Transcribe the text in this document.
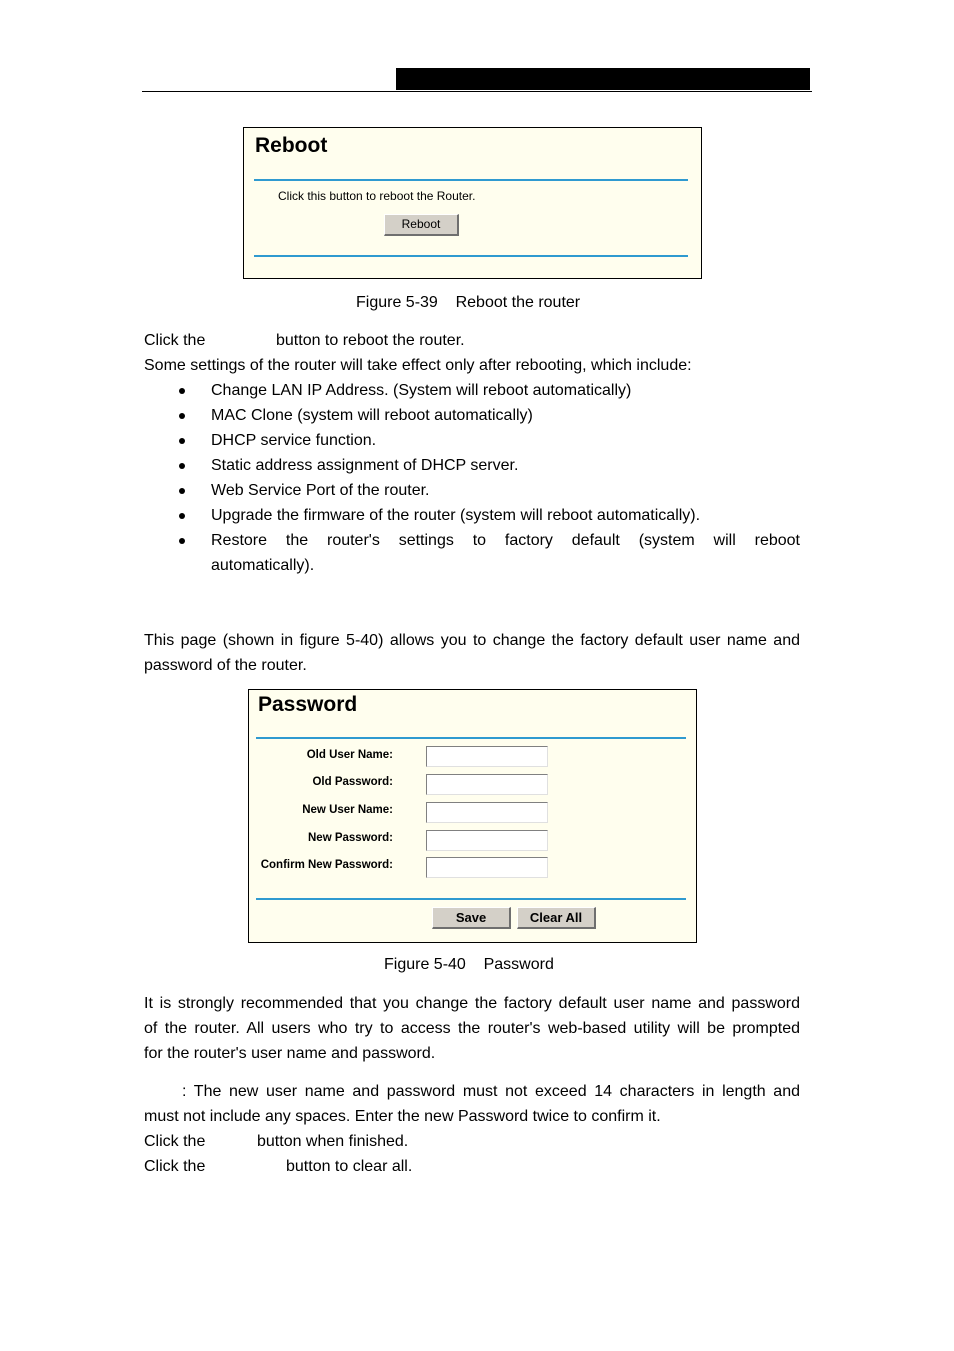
Reboot
Click this button to reboot the Router.
Reboot
Figure 5-39    Reboot the router
Click the	button to reboot the router.
Some settings of the router will take effect only after rebooting, which include:
Change LAN IP Address. (System will reboot automatically)
MAC Clone (system will reboot automatically)
DHCP service function.
Static address assignment of DHCP server.
Web Service Port of the router.
Upgrade the firmware of the router (system will reboot automatically).
Restore the router's settings to factory default (system will reboot
automatically).
This page (shown in figure 5-40) allows you to change the factory default user name and
password of the router.
Password
Old User Name:
Old Password:
New User Name:
New Password:
Confirm New Password:
Save	Clear All
Figure 5-40    Password
It is strongly recommended that you change the factory default user name and password
of the router. All users who try to access the router's web-based utility will be prompted
for the router's user name and password.
: The new user name and password must not exceed 14 characters in length and
must not include any spaces. Enter the new Password twice to confirm it.
Click the	button when finished.
Click the	button to clear all.
